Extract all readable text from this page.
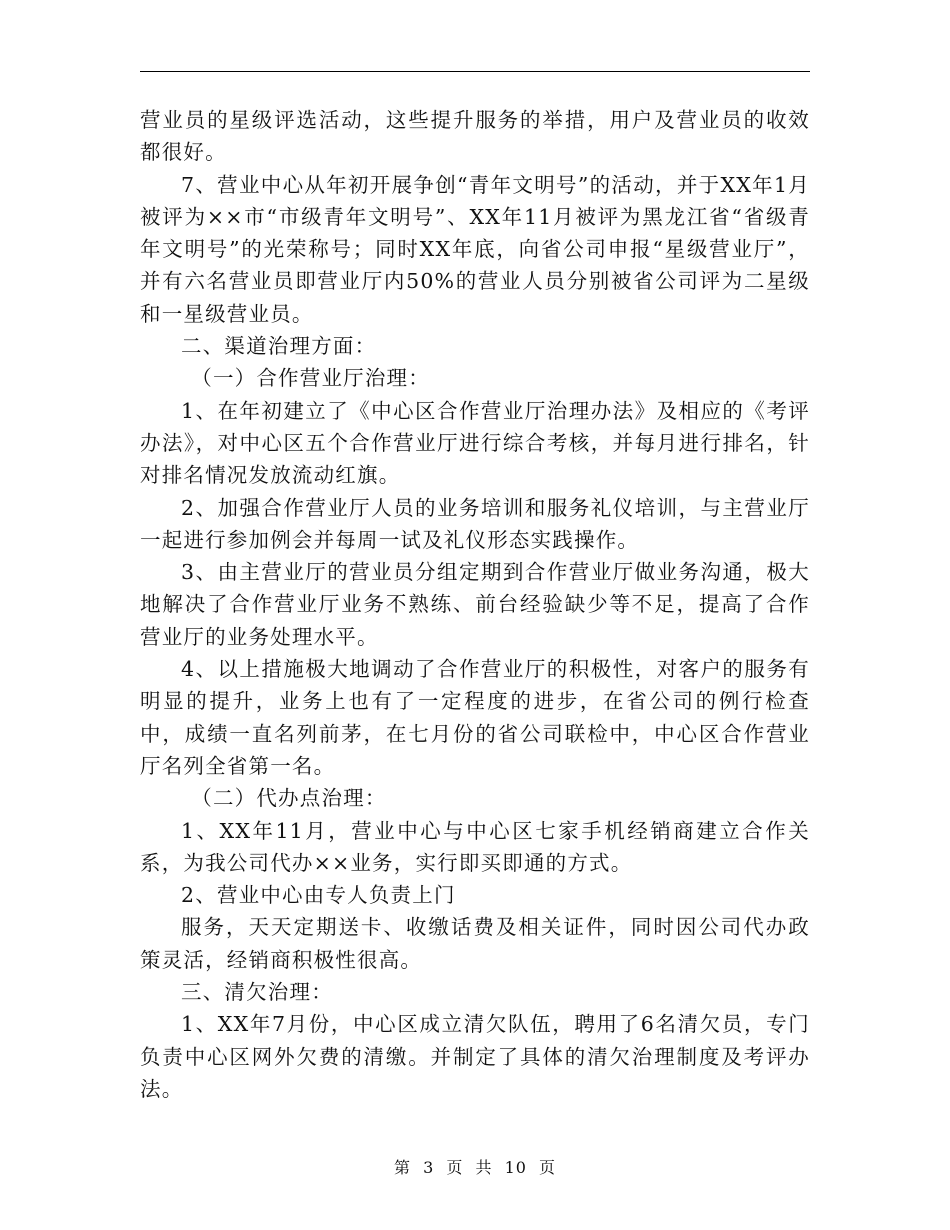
营业员的星级评选活动，这些提升服务的举措，用户及营业员的收效都很好。

7、营业中心从年初开展争创“青年文明号”的活动，并于XX年1月被评为××市“市级青年文明号”、XX年11月被评为黑龙江省“省级青年文明号”的光荣称号；同时XX年底，向省公司申报“星级营业厅”，并有六名营业员即营业厅内50%的营业人员分别被省公司评为二星级和一星级营业员。

二、渠道治理方面：

（一）合作营业厅治理：

1、在年初建立了《中心区合作营业厅治理办法》及相应的《考评办法》，对中心区五个合作营业厅进行综合考核，并每月进行排名，针对排名情况发放流动红旗。

2、加强合作营业厅人员的业务培训和服务礼仪培训，与主营业厅一起进行参加例会并每周一试及礼仪形态实践操作。

3、由主营业厅的营业员分组定期到合作营业厅做业务沟通，极大地解决了合作营业厅业务不熟练、前台经验缺少等不足，提高了合作营业厅的业务处理水平。

4、以上措施极大地调动了合作营业厅的积极性，对客户的服务有明显的提升，业务上也有了一定程度的进步，在省公司的例行检查中，成绩一直名列前茅，在七月份的省公司联检中，中心区合作营业厅名列全省第一名。

（二）代办点治理：

1、XX年11月，营业中心与中心区七家手机经销商建立合作关系，为我公司代办××业务，实行即买即通的方式。

2、营业中心由专人负责上门

服务，天天定期送卡、收缴话费及相关证件，同时因公司代办政策灵活，经销商积极性很高。

三、清欠治理：

1、XX年7月份，中心区成立清欠队伍，聘用了6名清欠员，专门负责中心区网外欠费的清缴。并制定了具体的清欠治理制度及考评办法。

第 3 页 共 10 页
